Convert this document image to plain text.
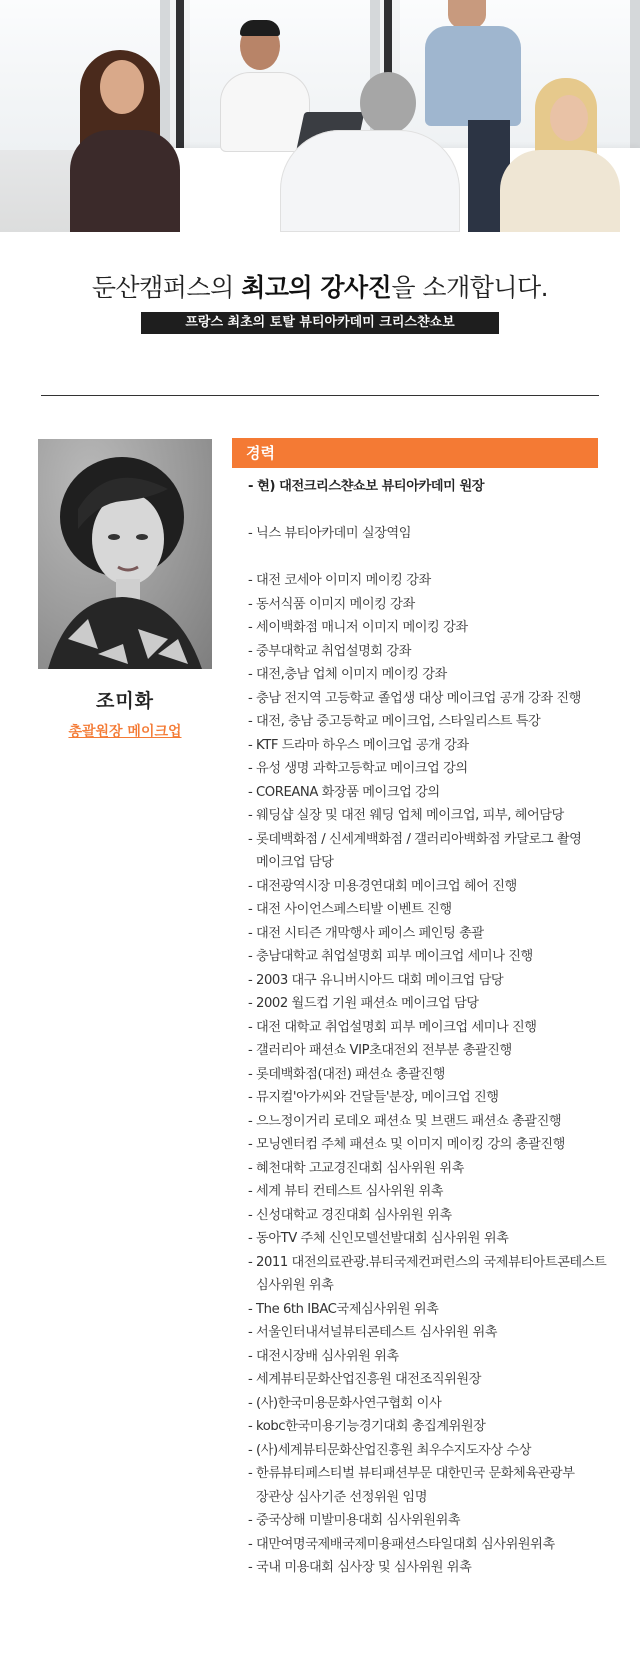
둔산캠퍼스의 최고의 강사진을 소개합니다.
프랑스 최초의 토탈 뷰티아카데미 크리스챤쇼보
조미화
총괄원장 메이크업
경력
- 현) 대전크리스챤쇼보 뷰티아카데미 원장
- 닉스 뷰티아카데미 실장역임
- 대전 코세아 이미지 메이킹 강좌
- 동서식품 이미지 메이킹 강좌
- 세이백화점 매니저 이미지 메이킹 강좌
- 중부대학교 취업설명회 강좌
- 대전,충남 업체 이미지 메이킹 강좌
- 충남 전지역 고등학교 졸업생 대상 메이크업 공개 강좌 진행
- 대전, 충남 중고등학교 메이크업, 스타일리스트 특강
- KTF 드라마 하우스 메이크업 공개 강좌
- 유성 생명 과학고등학교 메이크업 강의
- COREANA 화장품 메이크업 강의
- 웨딩샵 실장 및 대전 웨딩 업체 메이크업, 피부, 헤어담당
- 롯데백화점 / 신세계백화점 / 갤러리아백화점 카달로그 촬영
메이크업 담당
- 대전광역시장 미용경연대회 메이크업 헤어 진행
- 대전 사이언스페스티발 이벤트 진행
- 대전 시티즌 개막행사 페이스 페인팅 총괄
- 충남대학교 취업설명회 피부 메이크업 세미나 진행
- 2003 대구 유니버시아드 대회 메이크업 담당
- 2002 월드컵 기원 패션쇼 메이크업 담당
- 대전 대학교 취업설명회 피부 메이크업 세미나 진행
- 갤러리아 패션쇼 VIP초대전외 전부분 총괄진행
- 롯데백화점(대전) 패션쇼 총괄진행
- 뮤지컬'아가씨와 건달들'분장, 메이크업 진행
- 으느정이거리 로데오 패션쇼 및 브랜드 패션쇼 총괄진행
- 모닝엔터컴 주체 패션쇼 및 이미지 메이킹 강의 총괄진행
- 혜천대학 고교경진대회 심사위원 위촉
- 세계 뷰티 컨테스트 심사위원 위촉
- 신성대학교 경진대회 심사위원 위촉
- 동아TV 주체 신인모델선발대회 심사위원 위촉
- 2011 대전의료관광.뷰티국제컨퍼런스의 국제뷰티아트콘테스트
심사위원 위촉
- The 6th IBAC국제심사위원 위촉
- 서울인터내셔널뷰티콘테스트 심사위원 위촉
- 대전시장배 심사위원 위촉
- 세계뷰티문화산업진흥원 대전조직위원장
- (사)한국미용문화사연구협회 이사
- kobc한국미용기능경기대회 총집계위원장
- (사)세계뷰티문화산업진흥원 최우수지도자상 수상
- 한류뷰티페스티벌 뷰티패션부문 대한민국 문화체육관광부
장관상 심사기준 선정위원 임명
- 중국상해 미발미용대회 심사위원위촉
- 대만여명국제배국제미용패션스타일대회 심사위원위촉
- 국내 미용대회 심사장 및 심사위원 위촉
